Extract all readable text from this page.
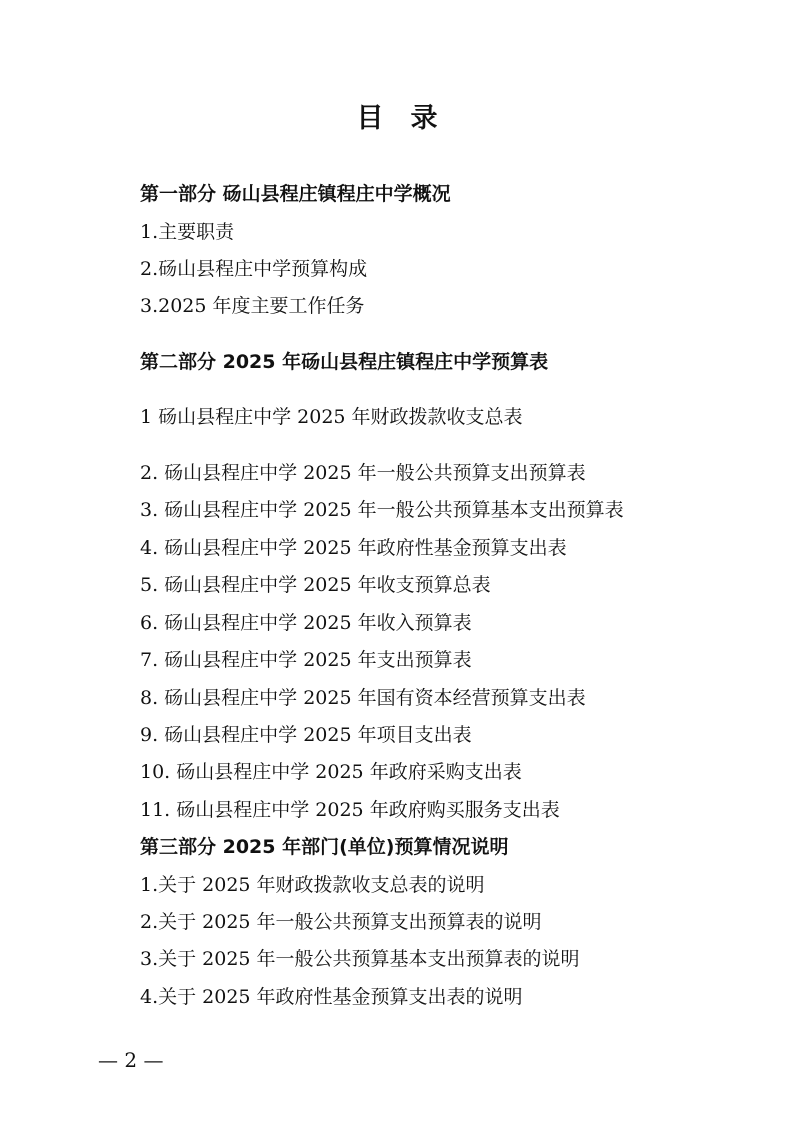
目　录
第一部分 砀山县程庄镇程庄中学概况
1.主要职责
2.砀山县程庄中学预算构成
3.2025 年度主要工作任务
第二部分 2025 年砀山县程庄镇程庄中学预算表
1 砀山县程庄中学 2025 年财政拨款收支总表
2. 砀山县程庄中学 2025 年一般公共预算支出预算表
3. 砀山县程庄中学 2025 年一般公共预算基本支出预算表
4. 砀山县程庄中学 2025 年政府性基金预算支出表
5. 砀山县程庄中学 2025 年收支预算总表
6. 砀山县程庄中学 2025 年收入预算表
7. 砀山县程庄中学 2025 年支出预算表
8. 砀山县程庄中学 2025 年国有资本经营预算支出表
9. 砀山县程庄中学 2025 年项目支出表
10. 砀山县程庄中学 2025 年政府采购支出表
11. 砀山县程庄中学 2025 年政府购买服务支出表
第三部分 2025 年部门(单位)预算情况说明
1.关于 2025 年财政拨款收支总表的说明
2.关于 2025 年一般公共预算支出预算表的说明
3.关于 2025 年一般公共预算基本支出预算表的说明
4.关于 2025 年政府性基金预算支出表的说明
— 2 —
